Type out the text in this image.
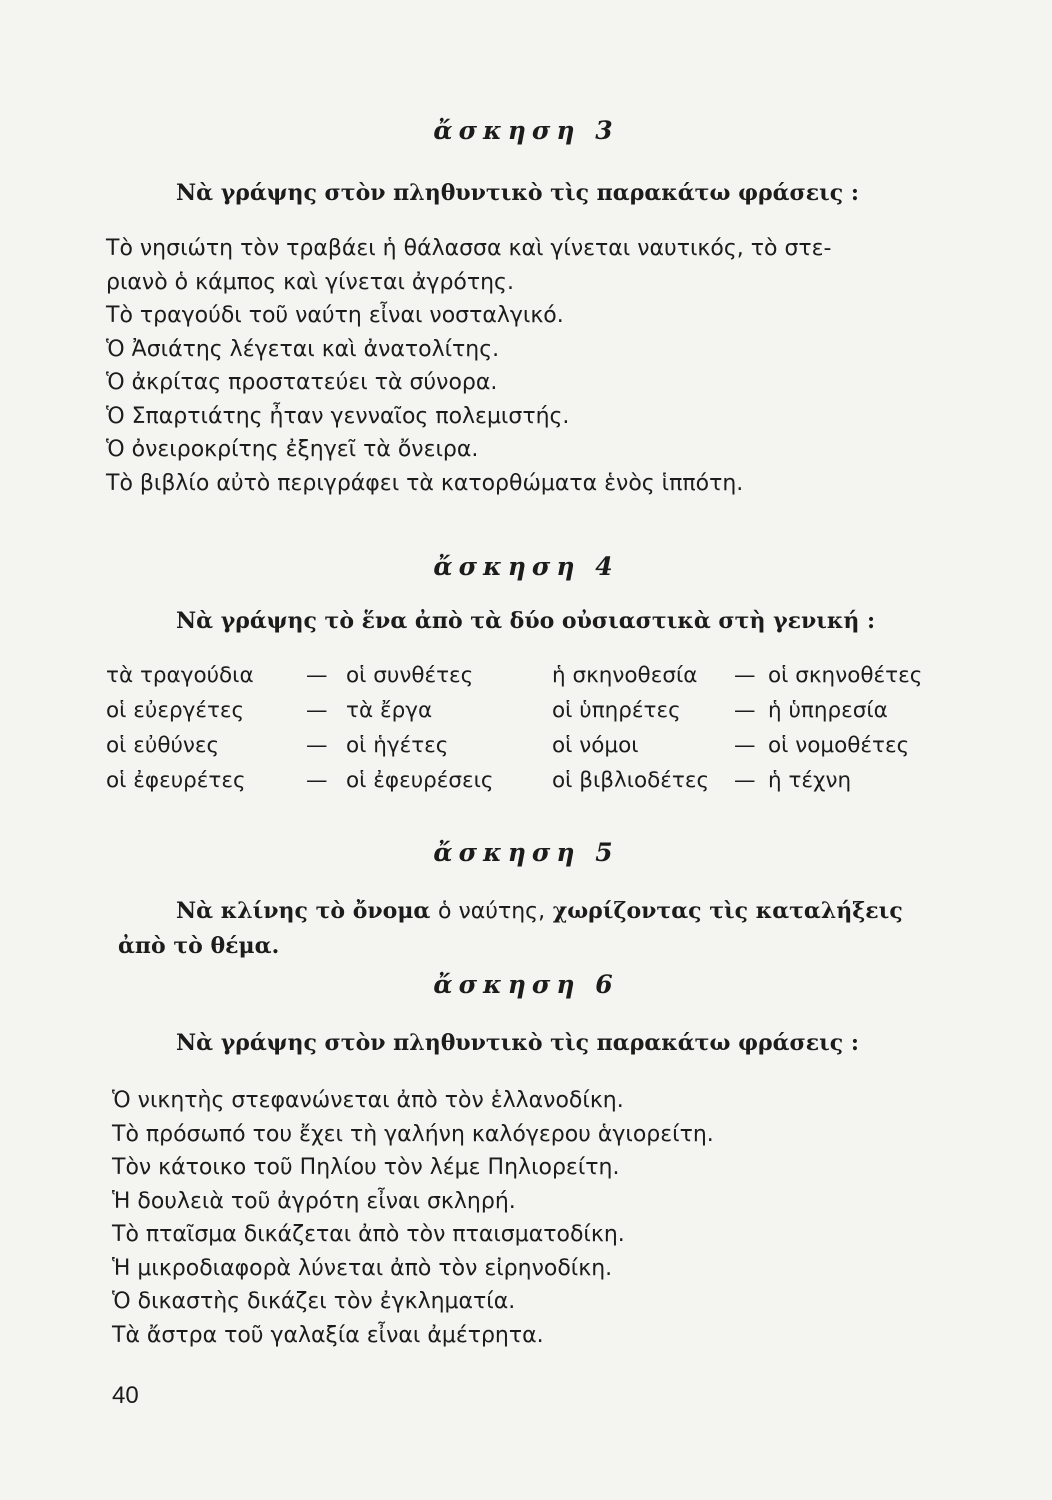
ἄσκηση 3
Νὰ γράψης στὸν πληθυντικὸ τὶς παρακάτω φράσεις :
Τὸ νησιώτη τὸν τραβάει ἡ θάλασσα καὶ γίνεται ναυτικός, τὸ στε-
ριανὸ ὁ κάμπος καὶ γίνεται ἀγρότης.
Τὸ τραγούδι τοῦ ναύτη εἶναι νοσταλγικό.
Ὁ Ἀσιάτης λέγεται καὶ ἀνατολίτης.
Ὁ ἀκρίτας προστατεύει τὰ σύνορα.
Ὁ Σπαρτιάτης ἦταν γενναῖος πολεμιστής.
Ὁ ὀνειροκρίτης ἐξηγεῖ τὰ ὄνειρα.
Τὸ βιβλίο αὐτὸ περιγράφει τὰ κατορθώματα ἑνὸς ἱππότη.
ἄσκηση 4
Νὰ γράψης τὸ ἕνα ἀπὸ τὰ δύο οὐσιαστικὰ στὴ γενική :
τὰ τραγούδια — οἱ συνθέτες	ἡ σκηνοθεσία — οἱ σκηνοθέτες
οἱ εὐεργέτες	— τὰ ἔργα	οἱ ὑπηρέτες — ἡ ὑπηρεσία
οἱ εὐθύνες	— οἱ ἡγέτες	οἱ νόμοι	— οἱ νομοθέτες
οἱ ἐφευρέτες	— οἱ ἐφευρέσεις	οἱ βιβλιοδέτες — ἡ τέχνη
ἄσκηση 5
Νὰ κλίνης τὸ ὄνομα ὁ ναύτης, χωρίζοντας τὶς καταλήξεις ἀπὸ τὸ θέμα.
ἄσκηση 6
Νὰ γράψης στὸν πληθυντικὸ τὶς παρακάτω φράσεις :
Ὁ νικητὴς στεφανώνεται ἀπὸ τὸν ἑλλανοδίκη.
Τὸ πρόσωπό του ἔχει τὴ γαλήνη καλόγερου ἁγιορείτη.
Τὸν κάτοικο τοῦ Πηλίου τὸν λέμε Πηλιορείτη.
Ἡ δουλειὰ τοῦ ἀγρότη εἶναι σκληρή.
Τὸ πταῖσμα δικάζεται ἀπὸ τὸν πταισματοδίκη.
Ἡ μικροδιαφορὰ λύνεται ἀπὸ τὸν εἰρηνοδίκη.
Ὁ δικαστὴς δικάζει τὸν ἐγκληματία.
Τὰ ἄστρα τοῦ γαλαξία εἶναι ἀμέτρητα.
40
